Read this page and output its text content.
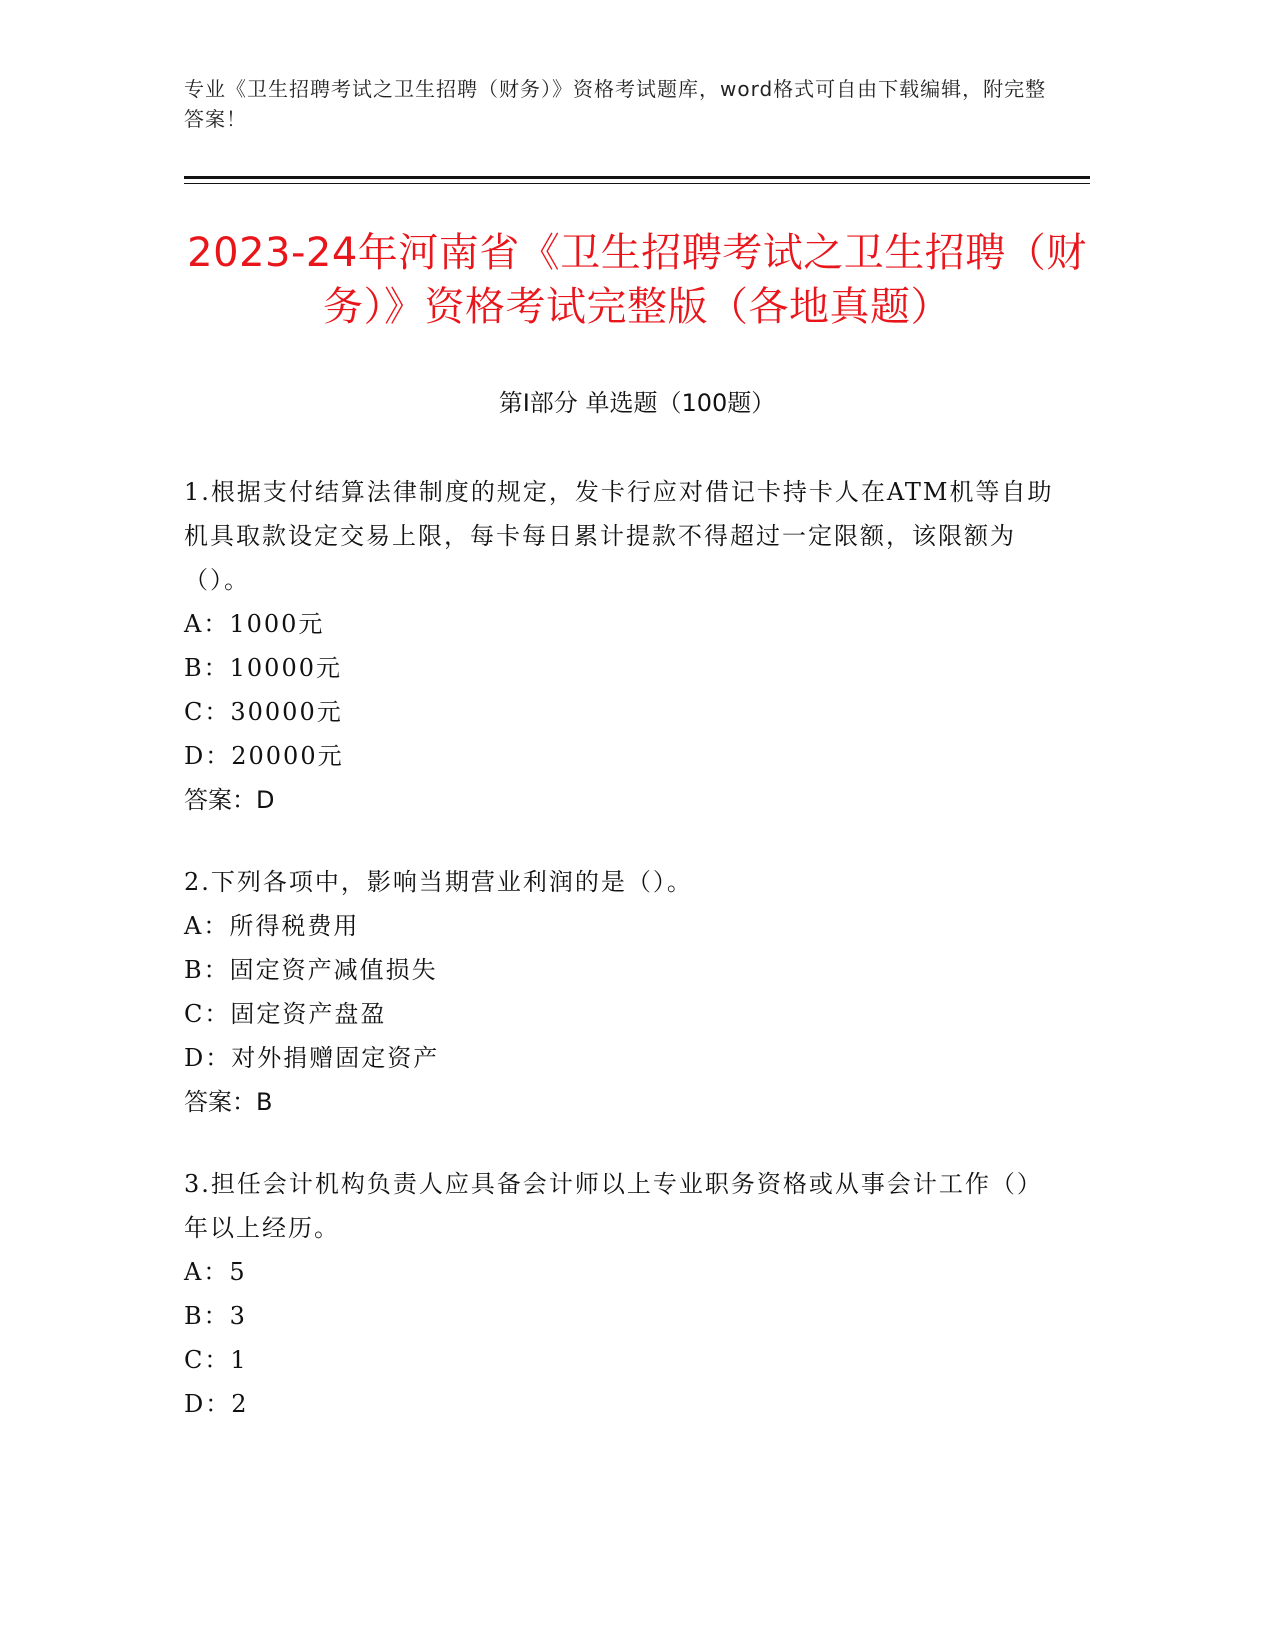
专业《卫生招聘考试之卫生招聘（财务）》资格考试题库，word格式可自由下载编辑，附完整答案！
2023-24年河南省《卫生招聘考试之卫生招聘（财务）》资格考试完整版（各地真题）
第Ⅰ部分 单选题（100题）

1.根据支付结算法律制度的规定，发卡行应对借记卡持卡人在ATM机等自助机具取款设定交易上限，每卡每日累计提款不得超过一定限额，该限额为（）。

A：1000元

B：10000元

C：30000元

D：20000元

答案：D

2.下列各项中，影响当期营业利润的是（）。

A：所得税费用

B：固定资产减值损失

C：固定资产盘盈

D：对外捐赠固定资产

答案：B

3.担任会计机构负责人应具备会计师以上专业职务资格或从事会计工作（）年以上经历。

A：5

B：3

C：1

D：2
